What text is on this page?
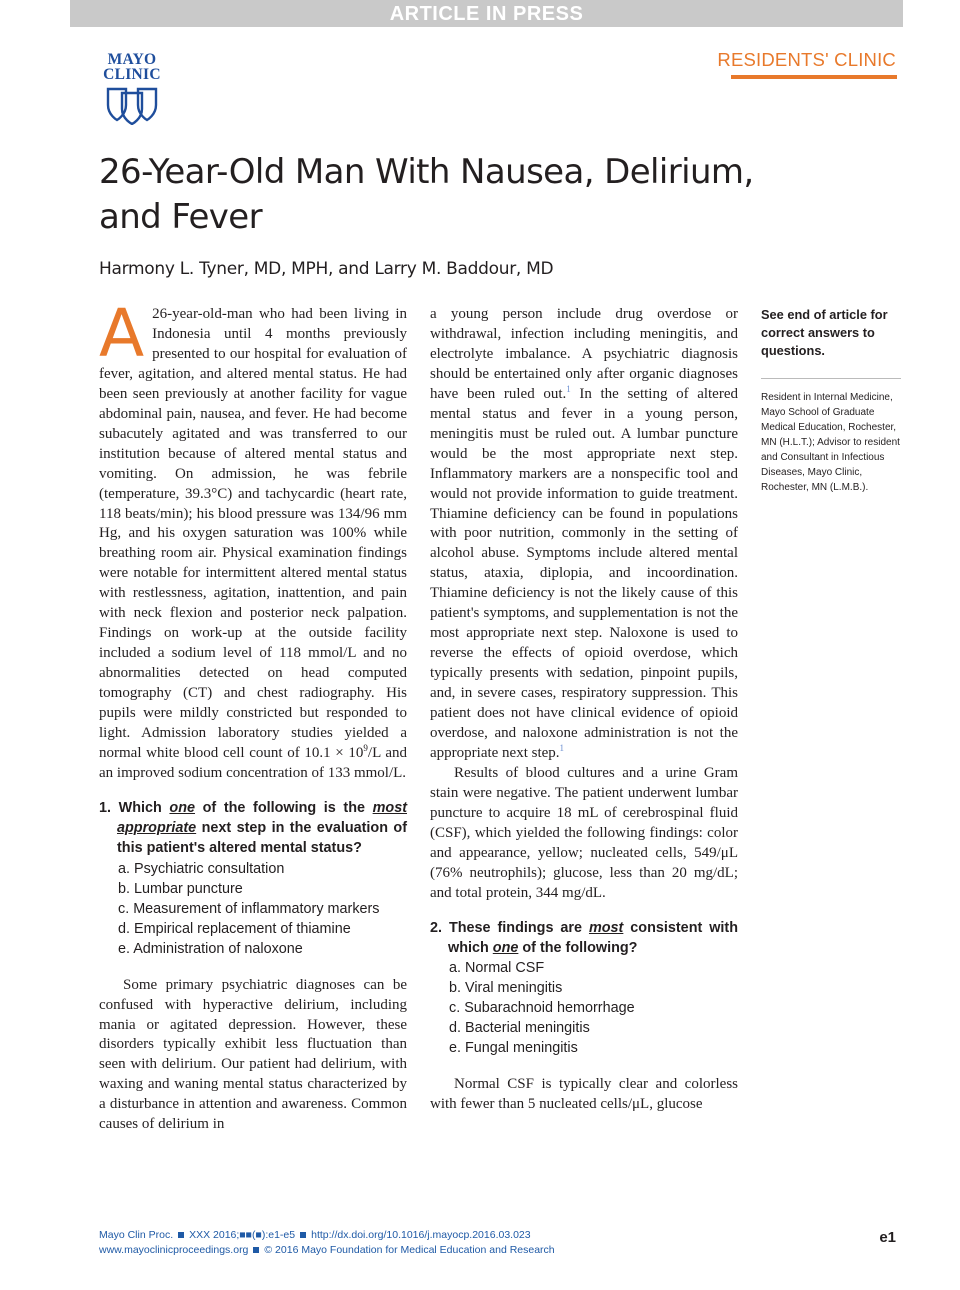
ARTICLE IN PRESS
MAYO
CLINIC
RESIDENTS' CLINIC
26-Year-Old Man With Nausea, Delirium, and Fever
Harmony L. Tyner, MD, MPH, and Larry M. Baddour, MD

A 26-year-old-man who had been living in Indonesia until 4 months previously presented to our hospital for evaluation of fever, agitation, and altered mental status. He had been seen previously at another facility for vague abdominal pain, nausea, and fever. He had become subacutely agitated and was transferred to our institution because of altered mental status and vomiting. On admission, he was febrile (temperature, 39.3°C) and tachycardic (heart rate, 118 beats/min); his blood pressure was 134/96 mm Hg, and his oxygen saturation was 100% while breathing room air. Physical examination findings were notable for intermittent altered mental status with restlessness, agitation, inattention, and pain with neck flexion and posterior neck palpation. Findings on work-up at the outside facility included a sodium level of 118 mmol/L and no abnormalities detected on head computed tomography (CT) and chest radiography. His pupils were mildly constricted but responded to light. Admission laboratory studies yielded a normal white blood cell count of $10.1 \times 10^9/L$ and an improved sodium concentration of 133 mmol/L.

1. Which one of the following is the most appropriate next step in the evaluation of this patient's altered mental status?

a. Psychiatric consultation
b. Lumbar puncture
c. Measurement of inflammatory markers
d. Empirical replacement of thiamine
e. Administration of naloxone

Some primary psychiatric diagnoses can be confused with hyperactive delirium, including mania or agitated depression. However, these disorders typically exhibit less fluctuation than seen with delirium. Our patient had delirium, with waxing and waning mental status characterized by a disturbance in attention and awareness. Common causes of delirium in

a young person include drug overdose or withdrawal, infection including meningitis, and electrolyte imbalance. A psychiatric diagnosis should be entertained only after organic diagnoses have been ruled out.$^1$ In the setting of altered mental status and fever in a young person, meningitis must be ruled out. A lumbar puncture would be the most appropriate next step. Inflammatory markers are a nonspecific tool and would not provide information to guide treatment. Thiamine deficiency can be found in populations with poor nutrition, commonly in the setting of alcohol abuse. Symptoms include altered mental status, ataxia, diplopia, and incoordination. Thiamine deficiency is not the likely cause of this patient's symptoms, and supplementation is not the most appropriate next step. Naloxone is used to reverse the effects of opioid overdose, which typically presents with sedation, pinpoint pupils, and, in severe cases, respiratory suppression. This patient does not have clinical evidence of opioid overdose, and naloxone administration is not the appropriate next step.$^1$

Results of blood cultures and a urine Gram stain were negative. The patient underwent lumbar puncture to acquire 18 mL of cerebrospinal fluid (CSF), which yielded the following findings: color and appearance, yellow; nucleated cells, 549/μL (76% neutrophils); glucose, less than 20 mg/dL; and total protein, 344 mg/dL.

2. These findings are most consistent with which one of the following?

a. Normal CSF
b. Viral meningitis
c. Subarachnoid hemorrhage
d. Bacterial meningitis
e. Fungal meningitis

Normal CSF is typically clear and colorless with fewer than 5 nucleated cells/μL, glucose

See end of article for correct answers to questions.
Resident in Internal Medicine, Mayo School of Graduate Medical Education, Rochester, MN (H.L.T.); Advisor to resident and Consultant in Infectious Diseases, Mayo Clinic, Rochester, MN (L.M.B.).
Mayo Clin Proc. XXX 2016;■■(■):e1-e5 http://dx.doi.org/10.1016/j.mayocp.2016.03.023
www.mayoclinicproceedings.org © 2016 Mayo Foundation for Medical Education and Research
e1
